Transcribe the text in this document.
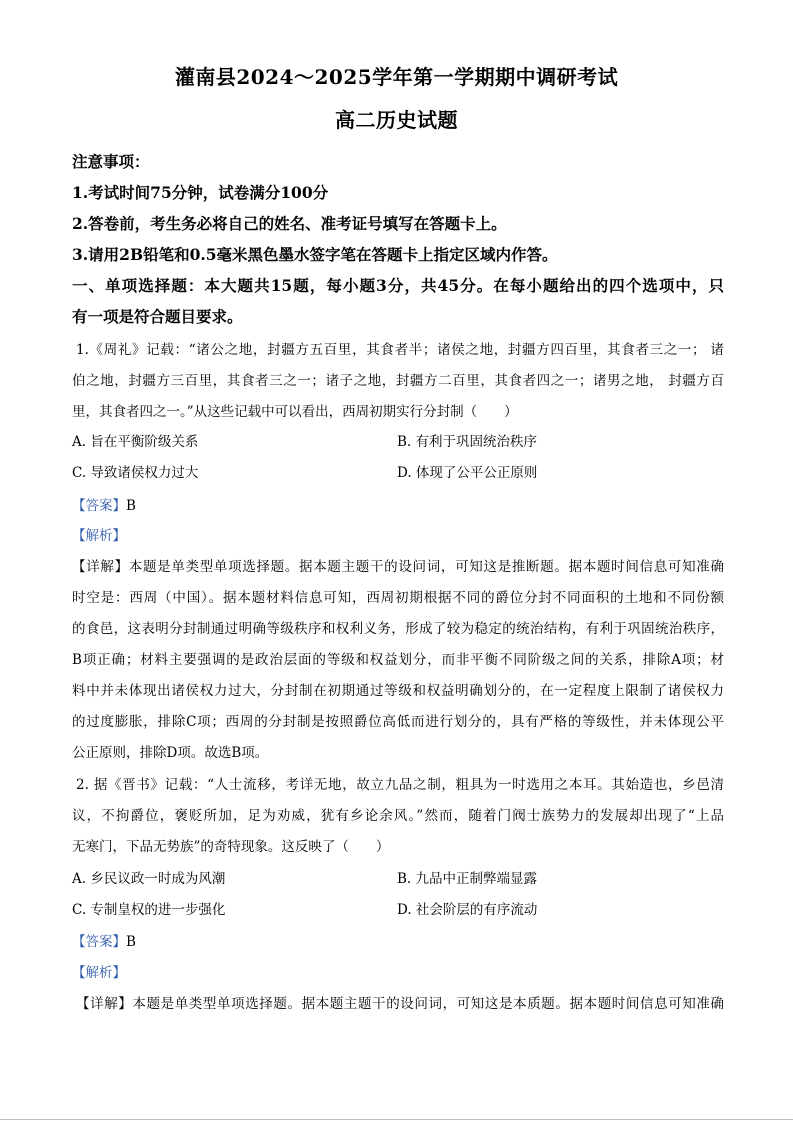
灌南县2024～2025学年第一学期期中调研考试
高二历史试题
注意事项：
1.考试时间75分钟，试卷满分100分
2.答卷前，考生务必将自己的姓名、准考证号填写在答题卡上。
3.请用2B铅笔和0.5毫米黑色墨水签字笔在答题卡上指定区域内作答。
一、单项选择题：本大题共15题，每小题3分，共45分。在每小题给出的四个选项中，只
有一项是符合题目要求。
1.《周礼》记载：“诸公之地，封疆方五百里，其食者半；诸侯之地，封疆方四百里，其食者三之一； 诸
伯之地，封疆方三百里，其食者三之一；诸子之地，封疆方二百里，其食者四之一；诸男之地， 封疆方百
里，其食者四之一。”从这些记载中可以看出，西周初期实行分封制（　　）
A. 旨在平衡阶级关系	B. 有利于巩固统治秩序
C. 导致诸侯权力过大	D. 体现了公平公正原则
【答案】B
【解析】
【详解】本题是单类型单项选择题。据本题主题干的设问词，可知这是推断题。据本题时间信息可知准确
时空是：西周（中国）。据本题材料信息可知，西周初期根据不同的爵位分封不同面积的土地和不同份额
的食邑，这表明分封制通过明确等级秩序和权利义务，形成了较为稳定的统治结构，有利于巩固统治秩序，
B项正确；材料主要强调的是政治层面的等级和权益划分，而非平衡不同阶级之间的关系，排除A项；材
料中并未体现出诸侯权力过大，分封制在初期通过等级和权益明确划分的，在一定程度上限制了诸侯权力
的过度膨胀，排除C项；西周的分封制是按照爵位高低而进行划分的，具有严格的等级性，并未体现公平
公正原则，排除D项。故选B项。
2. 据《晋书》记载：“人士流移，考详无地，故立九品之制，粗具为一时选用之本耳。其始造也，乡邑清
议，不拘爵位，褒贬所加，足为劝威，犹有乡论余风。”然而，随着门阀士族势力的发展却出现了“上品
无寒门，下品无势族”的奇特现象。这反映了（　　）
A. 乡民议政一时成为风潮	B. 九品中正制弊端显露
C. 专制皇权的进一步强化	D. 社会阶层的有序流动
【答案】B
【解析】
【详解】本题是单类型单项选择题。据本题主题干的设问词，可知这是本质题。据本题时间信息可知准确
